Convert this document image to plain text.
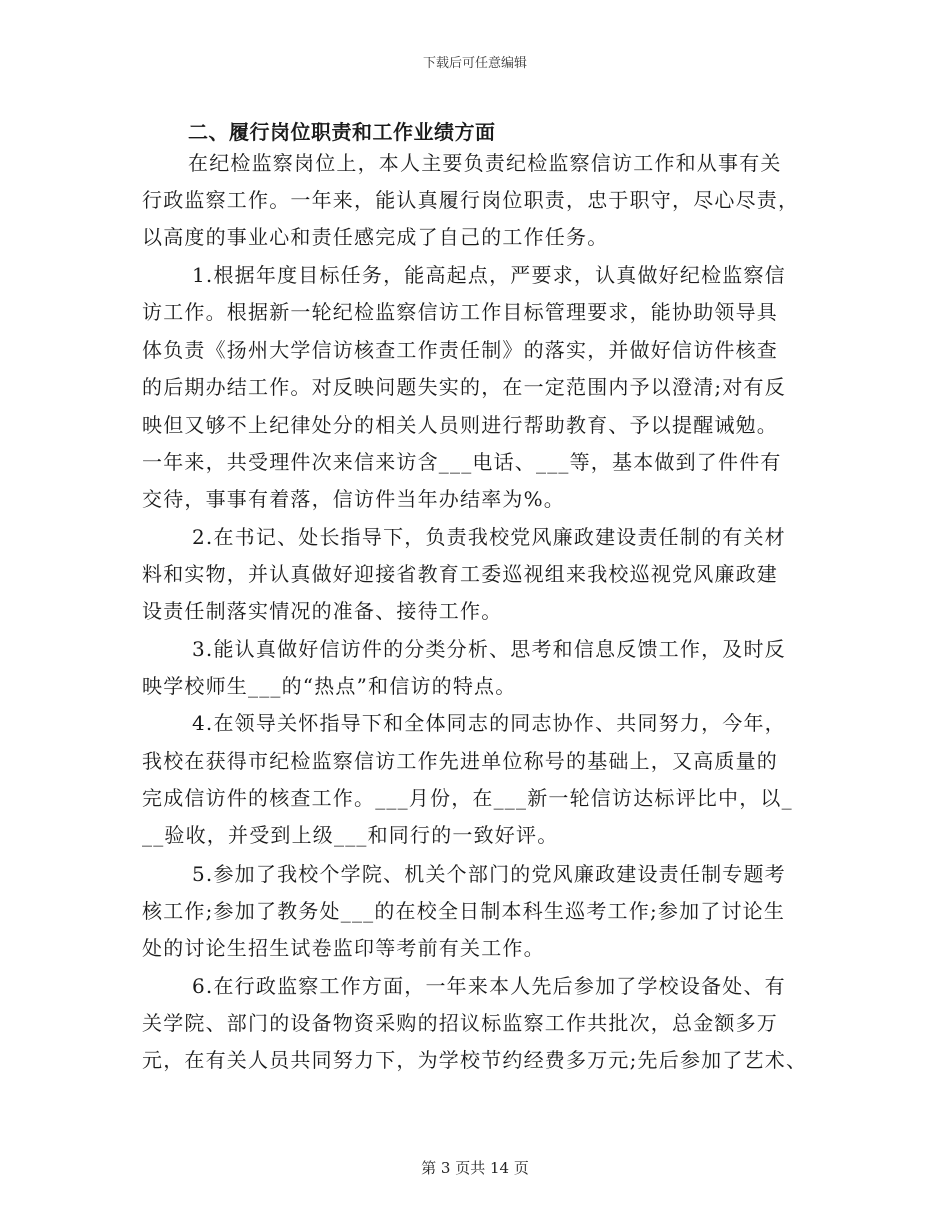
下载后可任意编辑
二、履行岗位职责和工作业绩方面
在纪检监察岗位上，本人主要负责纪检监察信访工作和从事有关
行政监察工作。一年来，能认真履行岗位职责，忠于职守，尽心尽责，
以高度的事业心和责任感完成了自己的工作任务。
1.根据年度目标任务，能高起点，严要求，认真做好纪检监察信
访工作。根据新一轮纪检监察信访工作目标管理要求，能协助领导具
体负责《扬州大学信访核查工作责任制》的落实，并做好信访件核查
的后期办结工作。对反映问题失实的，在一定范围内予以澄清;对有反
映但又够不上纪律处分的相关人员则进行帮助教育、予以提醒诫勉。
一年来，共受理件次来信来访含___电话、___等，基本做到了件件有
交待，事事有着落，信访件当年办结率为%。
2.在书记、处长指导下，负责我校党风廉政建设责任制的有关材
料和实物，并认真做好迎接省教育工委巡视组来我校巡视党风廉政建
设责任制落实情况的准备、接待工作。
3.能认真做好信访件的分类分析、思考和信息反馈工作，及时反
映学校师生___的“热点”和信访的特点。
4.在领导关怀指导下和全体同志的同志协作、共同努力，今年，
我校在获得市纪检监察信访工作先进单位称号的基础上，又高质量的
完成信访件的核查工作。___月份，在___新一轮信访达标评比中，以_
__验收，并受到上级___和同行的一致好评。
5.参加了我校个学院、机关个部门的党风廉政建设责任制专题考
核工作;参加了教务处___的在校全日制本科生巡考工作;参加了讨论生
处的讨论生招生试卷监印等考前有关工作。
6.在行政监察工作方面，一年来本人先后参加了学校设备处、有
关学院、部门的设备物资采购的招议标监察工作共批次，总金额多万
元，在有关人员共同努力下，为学校节约经费多万元;先后参加了艺术、
第 3 页共 14 页
